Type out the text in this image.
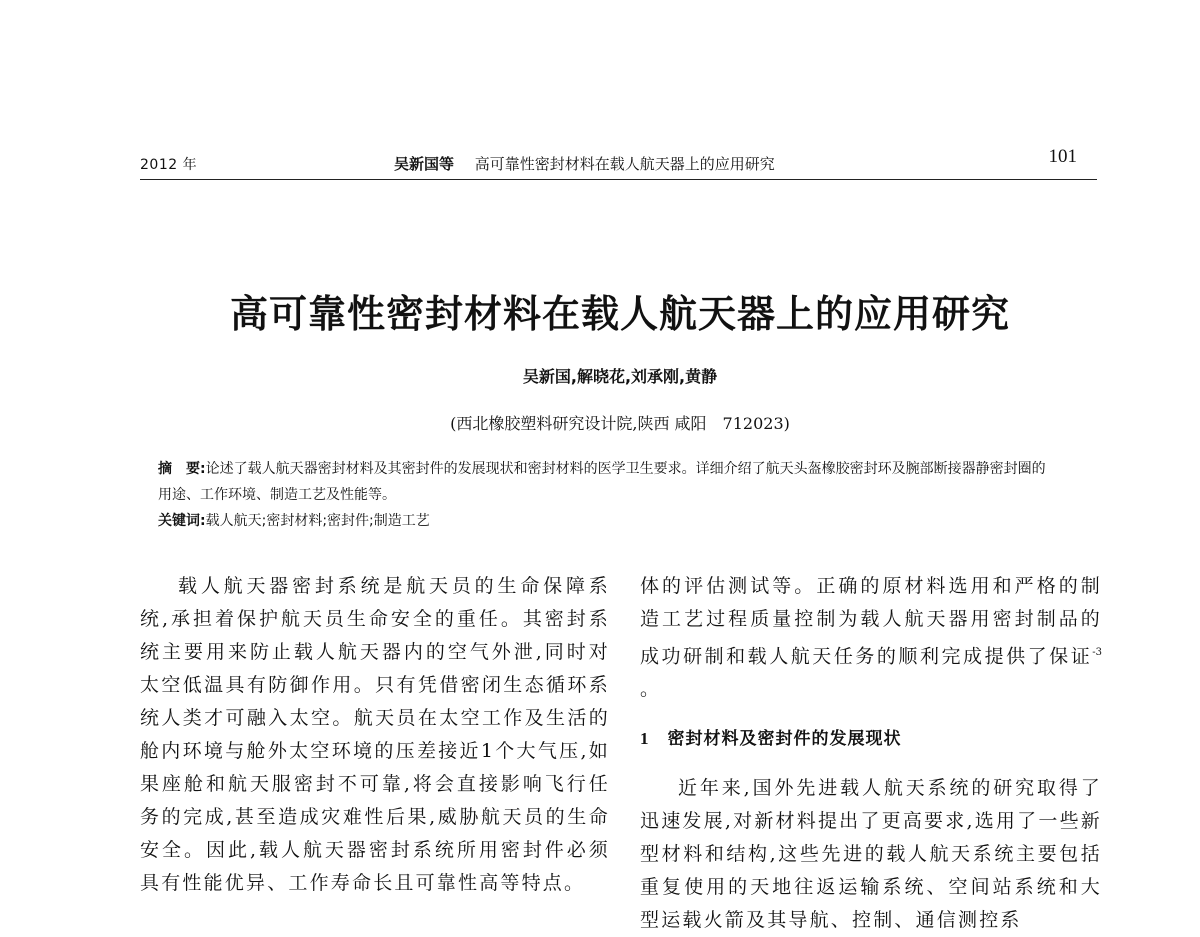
2012 年	吴新国等 高可靠性密封材料在载人航天器上的应用研究	101
高可靠性密封材料在载人航天器上的应用研究
吴新国,解晓花,刘承刚,黄静
(西北橡胶塑料研究设计院,陕西 咸阳　712023)

摘　要:论述了载人航天器密封材料及其密封件的发展现状和密封材料的医学卫生要求。详细介绍了航天头盔橡胶密封环及腕部断接器静密封圈的用途、工作环境、制造工艺及性能等。

关键词:载人航天;密封材料;密封件;制造工艺

载人航天器密封系统是航天员的生命保障系统,承担着保护航天员生命安全的重任。其密封系统主要用来防止载人航天器内的空气外泄,同时对太空低温具有防御作用。只有凭借密闭生态循环系统人类才可融入太空。航天员在太空工作及生活的舱内环境与舱外太空环境的压差接近1个大气压,如果座舱和航天服密封不可靠,将会直接影响飞行任务的完成,甚至造成灾难性后果,威胁航天员的生命安全。因此,载人航天器密封系统所用密封件必须具有性能优异、工作寿命长且可靠性高等特点。

体的评估测试等。正确的原材料选用和严格的制造工艺过程质量控制为载人航天器用密封制品的成功研制和载人航天任务的顺利完成提供了保证$^{-3}$ 。

1 密封材料及密封件的发展现状

近年来,国外先进载人航天系统的研究取得了迅速发展,对新材料提出了更高要求,选用了一些新型材料和结构,这些先进的载人航天系统主要包括重复使用的天地往返运输系统、空间站系统和大型运载火箭及其导航、控制、通信测控系
